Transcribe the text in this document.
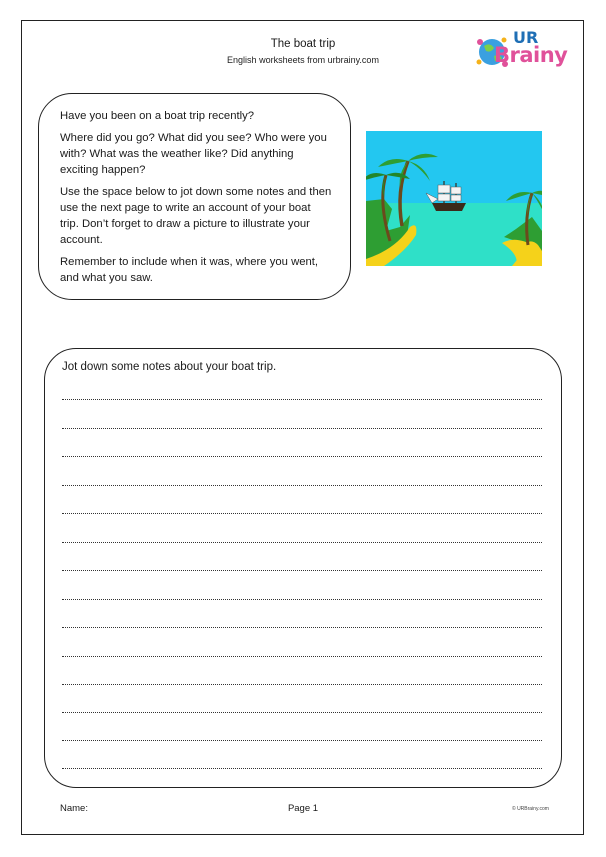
The boat trip
English worksheets from urbrainy.com
UR
Brainy

Have you been on a boat trip recently?

Where did you go? What did you see? Who were you with? What was the weather like? Did anything exciting happen?

Use the space below to jot down some notes and then use the next page to write an account of your boat trip. Don’t forget to draw a picture to illustrate your account.

Remember to include when it was, where you went, and what you saw.

Jot down some notes about your boat trip.
Name:	Page 1	© URBrainy.com
